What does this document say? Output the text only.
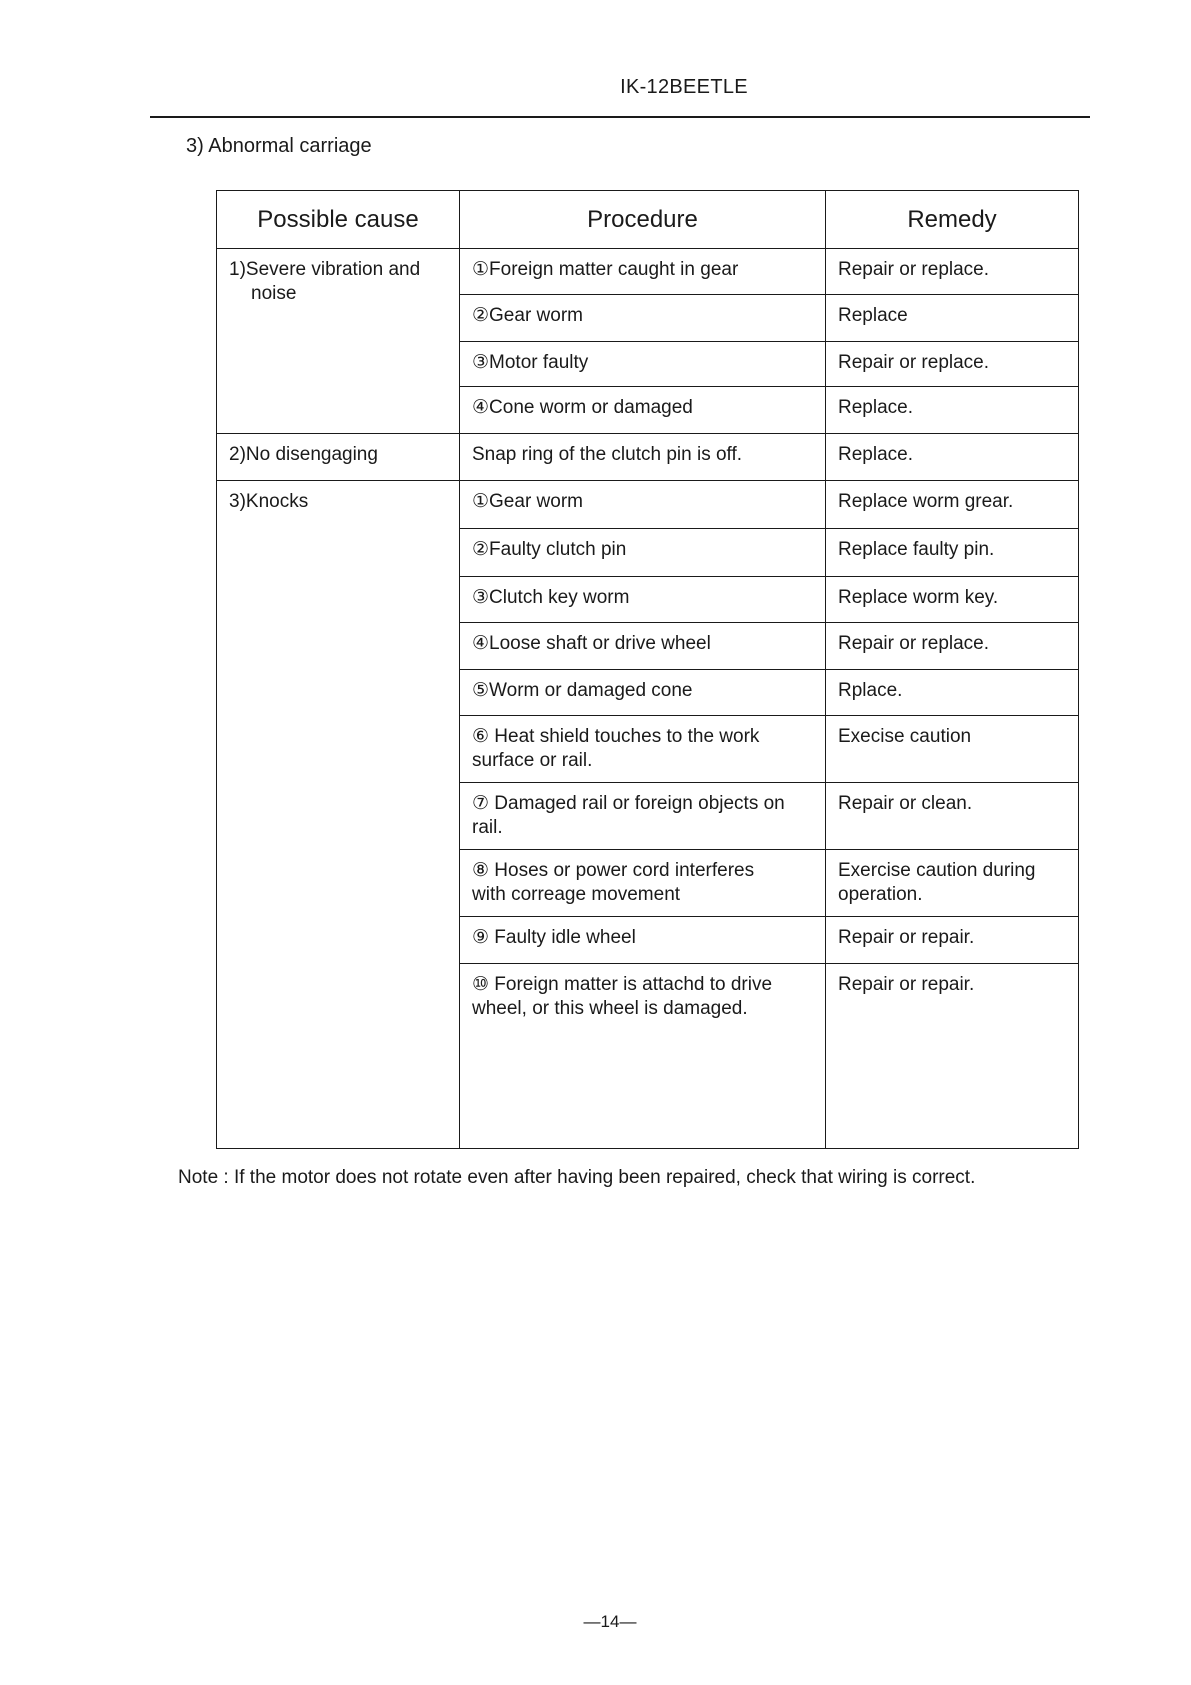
IK-12BEETLE
3) Abnormal carriage
Possible cause	Procedure	Remedy

1)Severe vibration and
noise	①Foreign matter caught in gear	Repair or replace.

	②Gear worm	Replace

	③Motor faulty	Repair or replace.

	④Cone worm or damaged	Replace.

2)No disengaging	Snap ring of the clutch pin is off.	Replace.

3)Knocks	①Gear worm	Replace worm grear.

	②Faulty clutch pin	Replace faulty pin.

	③Clutch key worm	Replace worm key.

	④Loose shaft or drive wheel	Repair or replace.

	⑤Worm or damaged cone	Rplace.

	⑥ Heat shield touches to the work
surface or rail.	Execise caution

	⑦ Damaged rail or foreign objects on
rail.	Repair or clean.

	⑧ Hoses or power cord interferes
with correage movement	Exercise caution during
operation.

	⑨ Faulty idle wheel	Repair or repair.

	⑩ Foreign matter is attachd to drive
wheel, or this wheel is damaged.	Repair or repair.
Note : If the motor does not rotate even after having been repaired, check that wiring is correct.
—14—
